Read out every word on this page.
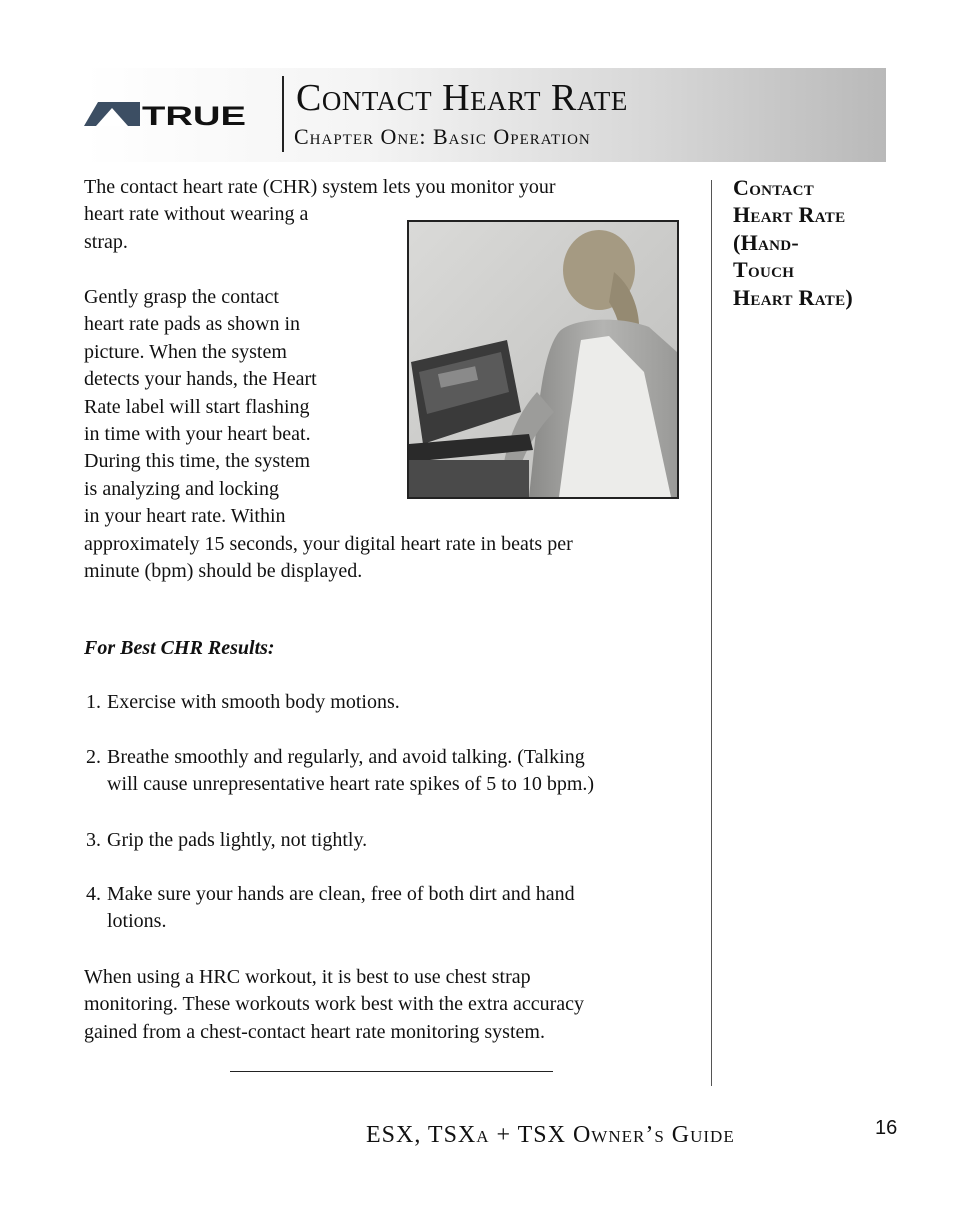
TRUE Contact Heart Rate
Chapter One: Basic Operation
The contact heart rate (CHR) system lets you monitor your
heart rate without wearing a
strap.
Gently grasp the contact
heart rate pads as shown in
picture. When the system
detects your hands, the Heart
Rate label will start flashing
in time with your heart beat.
During this time, the system
is analyzing and locking
in your heart rate. Within
approximately 15 seconds, your digital heart rate in beats per
minute (bpm) should be displayed.
For Best CHR Results:
1. Exercise with smooth body motions.
2. Breathe smoothly and regularly, and avoid talking. (Talking
will cause unrepresentative heart rate spikes of 5 to 10 bpm.)
3. Grip the pads lightly, not tightly.
4. Make sure your hands are clean, free of both dirt and hand
lotions.
When using a HRC workout, it is best to use chest strap
monitoring. These workouts work best with the extra accuracy
gained from a chest-contact heart rate monitoring system.
Contact
Heart Rate
(Hand-
Touch
Heart Rate)
ESX, TSXa + TSX Owner’s Guide	16
